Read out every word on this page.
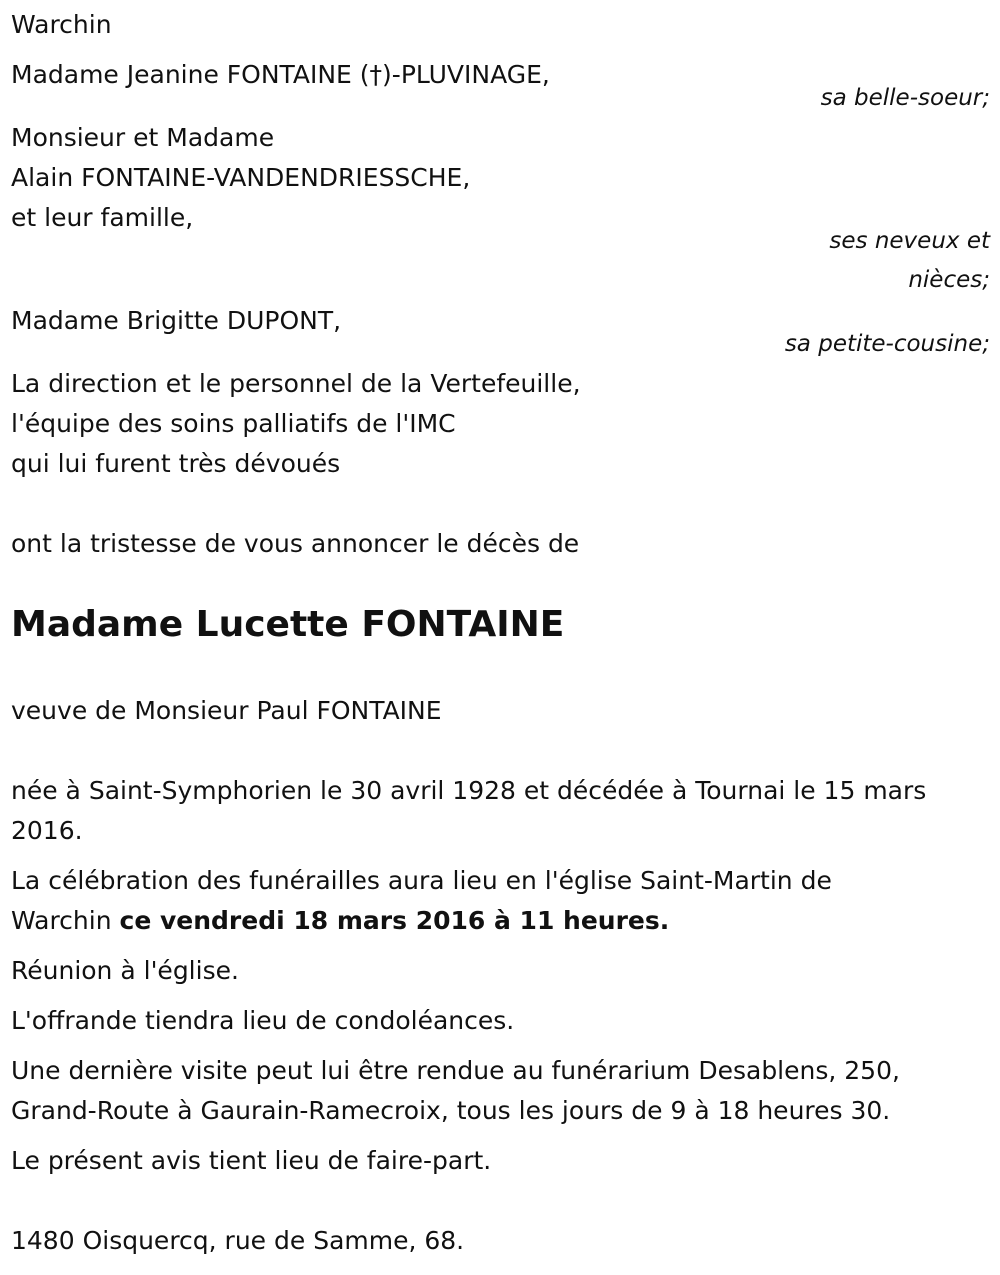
Warchin

Madame Jeanine FONTAINE (†)-PLUVINAGE,

sa belle-soeur;

Monsieur et Madame

Alain FONTAINE-VANDENDRIESSCHE,

et leur famille,

ses neveux et

nièces;

Madame Brigitte DUPONT,

sa petite-cousine;

La direction et le personnel de la Vertefeuille,

l'équipe des soins palliatifs de l'IMC

qui lui furent très dévoués

ont la tristesse de vous annoncer le décès de

Madame Lucette FONTAINE

veuve de Monsieur Paul FONTAINE

née à Saint-Symphorien le 30 avril 1928 et décédée à Tournai le 15 mars

2016.

La célébration des funérailles aura lieu en l'église Saint-Martin de

Warchin ce vendredi 18 mars 2016 à 11 heures.

Réunion à l'église.

L'offrande tiendra lieu de condoléances.

Une dernière visite peut lui être rendue au funérarium Desablens, 250,

Grand-Route à Gaurain-Ramecroix, tous les jours de 9 à 18 heures 30.

Le présent avis tient lieu de faire-part.

1480 Oisquercq, rue de Samme, 68.
